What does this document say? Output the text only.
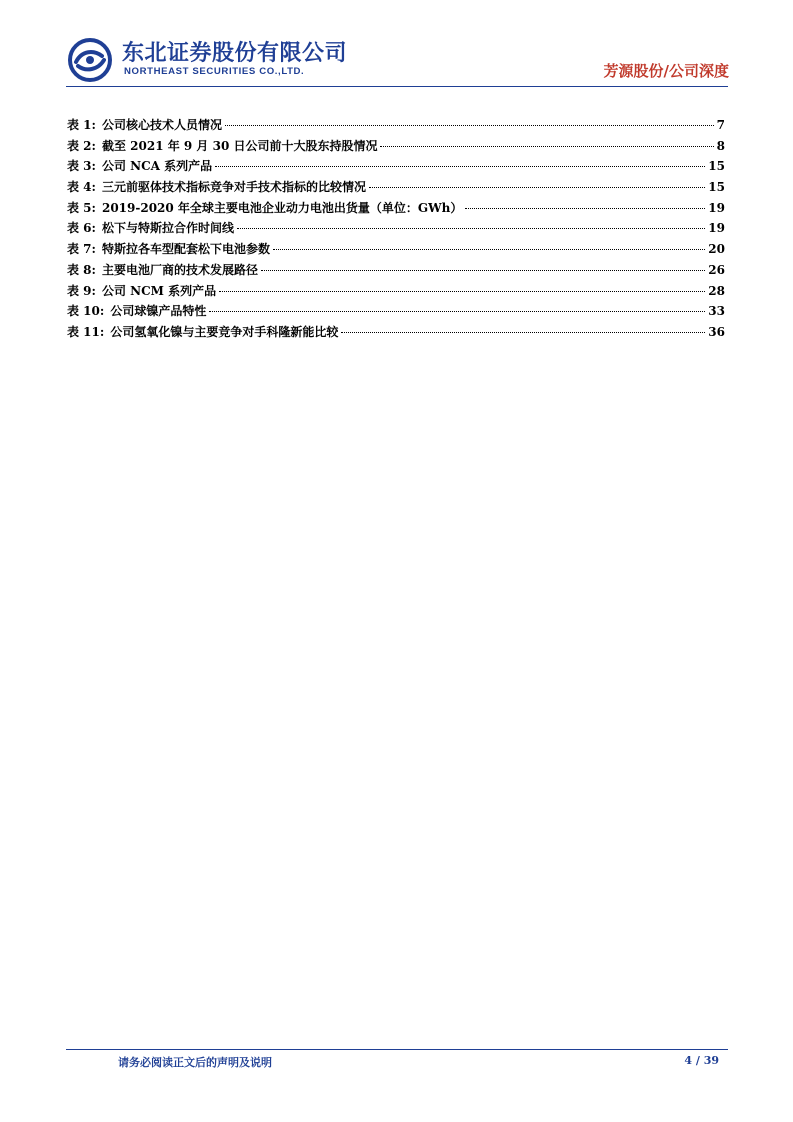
东北证券股份有限公司
NORTHEAST SECURITIES CO.,LTD.	芳源股份/公司深度
表 1: 公司核心技术人员情况	7
表 2: 截至 2021 年 9 月 30 日公司前十大股东持股情况	8
表 3: 公司 NCA 系列产品	15
表 4: 三元前驱体技术指标竞争对手技术指标的比较情况	15
表 5: 2019-2020 年全球主要电池企业动力电池出货量（单位：GWh）	19
表 6: 松下与特斯拉合作时间线	19
表 7: 特斯拉各车型配套松下电池参数	20
表 8: 主要电池厂商的技术发展路径	26
表 9: 公司 NCM 系列产品	28
表 10: 公司球镍产品特性	33
表 11: 公司氢氧化镍与主要竞争对手科隆新能比较	36
请务必阅读正文后的声明及说明	4 / 39
